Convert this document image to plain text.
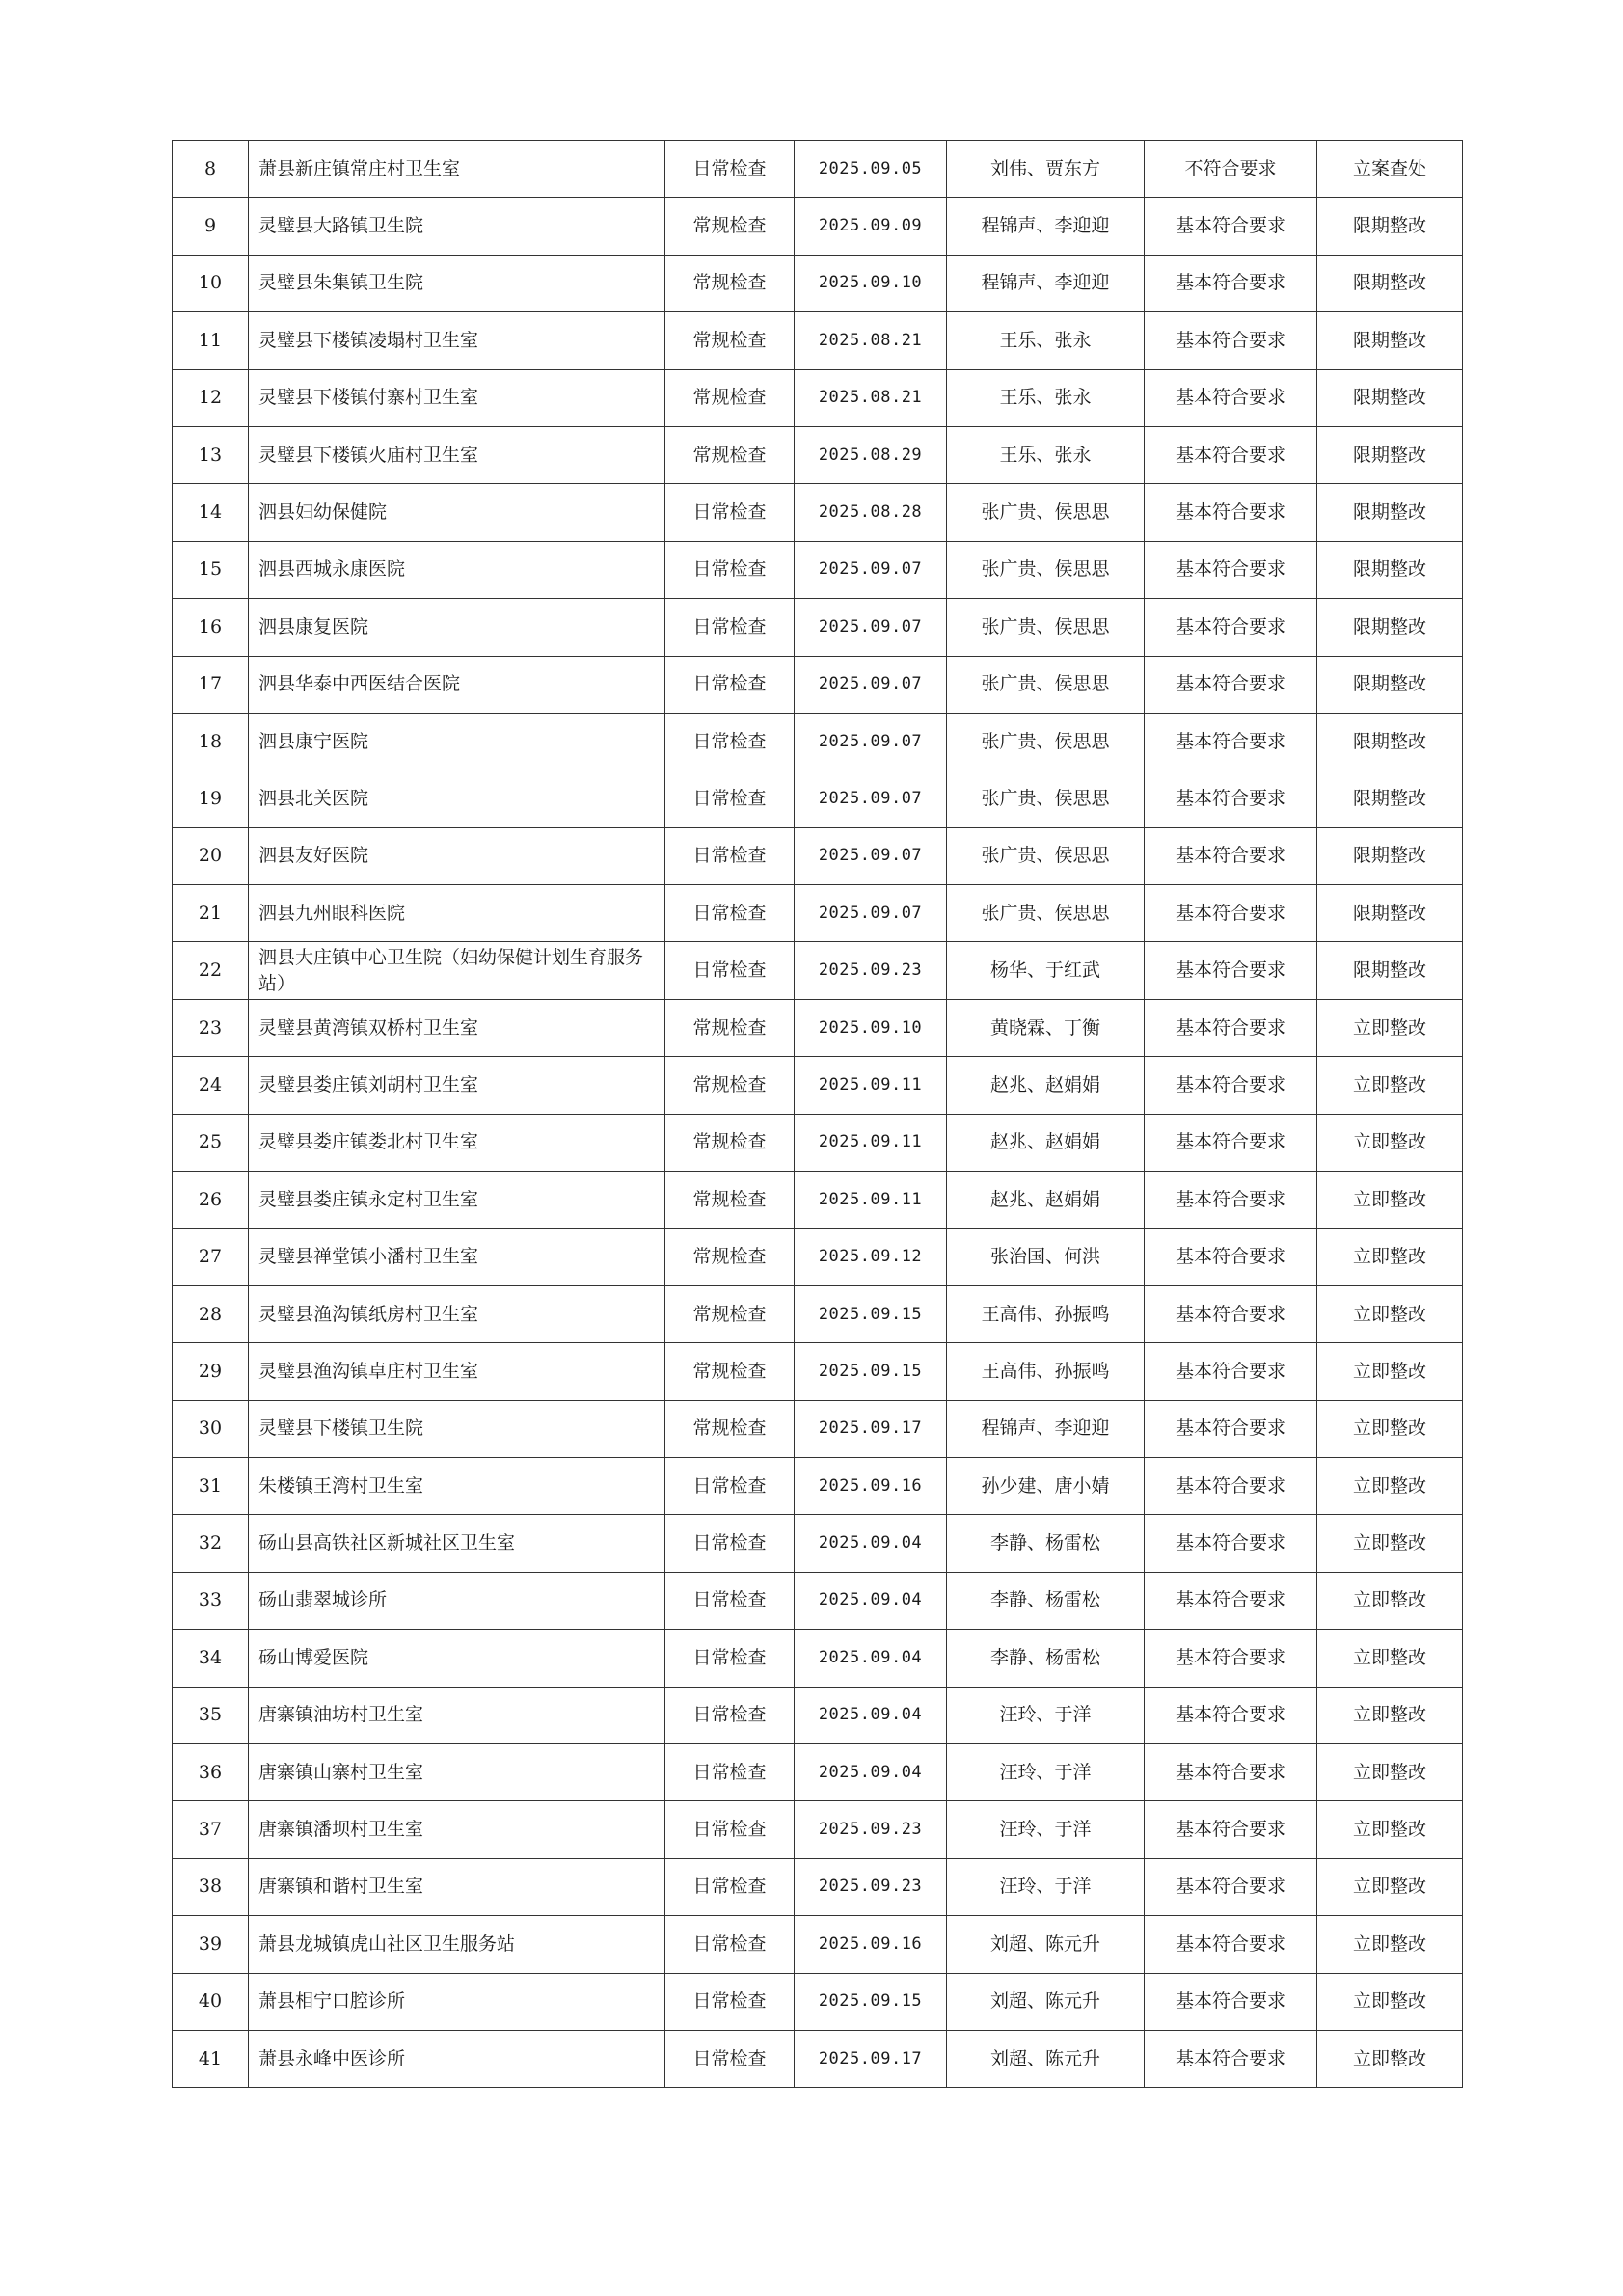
8	萧县新庄镇常庄村卫生室	日常检查	2025.09.05	刘伟、贾东方	不符合要求	立案查处
9	灵璧县大路镇卫生院	常规检查	2025.09.09	程锦声、李迎迎	基本符合要求	限期整改
10	灵璧县朱集镇卫生院	常规检查	2025.09.10	程锦声、李迎迎	基本符合要求	限期整改
11	灵璧县下楼镇凌塌村卫生室	常规检查	2025.08.21	王乐、张永	基本符合要求	限期整改
12	灵璧县下楼镇付寨村卫生室	常规检查	2025.08.21	王乐、张永	基本符合要求	限期整改
13	灵璧县下楼镇火庙村卫生室	常规检查	2025.08.29	王乐、张永	基本符合要求	限期整改
14	泗县妇幼保健院	日常检查	2025.08.28	张广贵、侯思思	基本符合要求	限期整改
15	泗县西城永康医院	日常检查	2025.09.07	张广贵、侯思思	基本符合要求	限期整改
16	泗县康复医院	日常检查	2025.09.07	张广贵、侯思思	基本符合要求	限期整改
17	泗县华泰中西医结合医院	日常检查	2025.09.07	张广贵、侯思思	基本符合要求	限期整改
18	泗县康宁医院	日常检查	2025.09.07	张广贵、侯思思	基本符合要求	限期整改
19	泗县北关医院	日常检查	2025.09.07	张广贵、侯思思	基本符合要求	限期整改
20	泗县友好医院	日常检查	2025.09.07	张广贵、侯思思	基本符合要求	限期整改
21	泗县九州眼科医院	日常检查	2025.09.07	张广贵、侯思思	基本符合要求	限期整改
22	泗县大庄镇中心卫生院（妇幼保健计划生育服务站）	日常检查	2025.09.23	杨华、于红武	基本符合要求	限期整改
23	灵璧县黄湾镇双桥村卫生室	常规检查	2025.09.10	黄晓霖、丁衡	基本符合要求	立即整改
24	灵璧县娄庄镇刘胡村卫生室	常规检查	2025.09.11	赵兆、赵娟娟	基本符合要求	立即整改
25	灵璧县娄庄镇娄北村卫生室	常规检查	2025.09.11	赵兆、赵娟娟	基本符合要求	立即整改
26	灵璧县娄庄镇永定村卫生室	常规检查	2025.09.11	赵兆、赵娟娟	基本符合要求	立即整改
27	灵璧县禅堂镇小潘村卫生室	常规检查	2025.09.12	张治国、何洪	基本符合要求	立即整改
28	灵璧县渔沟镇纸房村卫生室	常规检查	2025.09.15	王高伟、孙振鸣	基本符合要求	立即整改
29	灵璧县渔沟镇卓庄村卫生室	常规检查	2025.09.15	王高伟、孙振鸣	基本符合要求	立即整改
30	灵璧县下楼镇卫生院	常规检查	2025.09.17	程锦声、李迎迎	基本符合要求	立即整改
31	朱楼镇王湾村卫生室	日常检查	2025.09.16	孙少建、唐小婧	基本符合要求	立即整改
32	砀山县高铁社区新城社区卫生室	日常检查	2025.09.04	李静、杨雷松	基本符合要求	立即整改
33	砀山翡翠城诊所	日常检查	2025.09.04	李静、杨雷松	基本符合要求	立即整改
34	砀山博爱医院	日常检查	2025.09.04	李静、杨雷松	基本符合要求	立即整改
35	唐寨镇油坊村卫生室	日常检查	2025.09.04	汪玲、于洋	基本符合要求	立即整改
36	唐寨镇山寨村卫生室	日常检查	2025.09.04	汪玲、于洋	基本符合要求	立即整改
37	唐寨镇潘坝村卫生室	日常检查	2025.09.23	汪玲、于洋	基本符合要求	立即整改
38	唐寨镇和谐村卫生室	日常检查	2025.09.23	汪玲、于洋	基本符合要求	立即整改
39	萧县龙城镇虎山社区卫生服务站	日常检查	2025.09.16	刘超、陈元升	基本符合要求	立即整改
40	萧县相宁口腔诊所	日常检查	2025.09.15	刘超、陈元升	基本符合要求	立即整改
41	萧县永峰中医诊所	日常检查	2025.09.17	刘超、陈元升	基本符合要求	立即整改
